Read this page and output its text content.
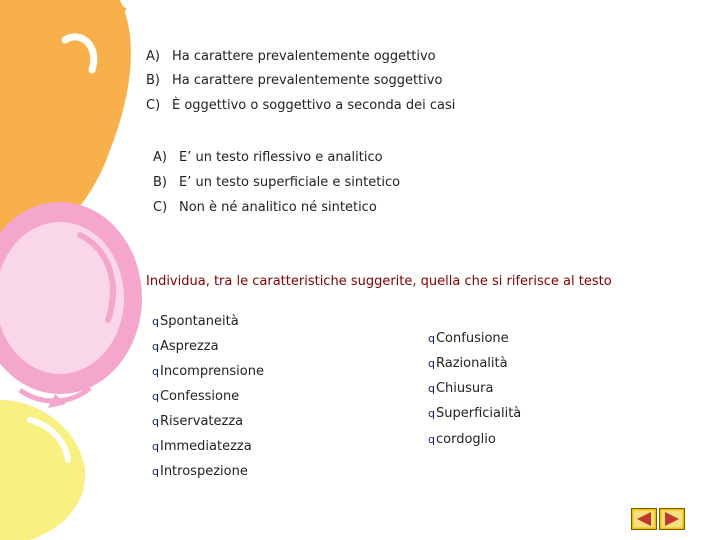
A) Ha carattere prevalentemente oggettivo
B) Ha carattere prevalentemente soggettivo
C) È oggettivo o soggettivo a seconda dei casi
A) E’ un testo riflessivo e analitico
B) E’ un testo superficiale e sintetico
C) Non è né analitico né sintetico
Individua, tra le caratteristiche suggerite, quella che si riferisce al testo
qSpontaneità
qAsprezza
qIncomprensione
qConfessione
qRiservatezza
qImmediatezza
qIntrospezione
qConfusione
qRazionalità
qChiusura
qSuperficialità
qcordoglio
